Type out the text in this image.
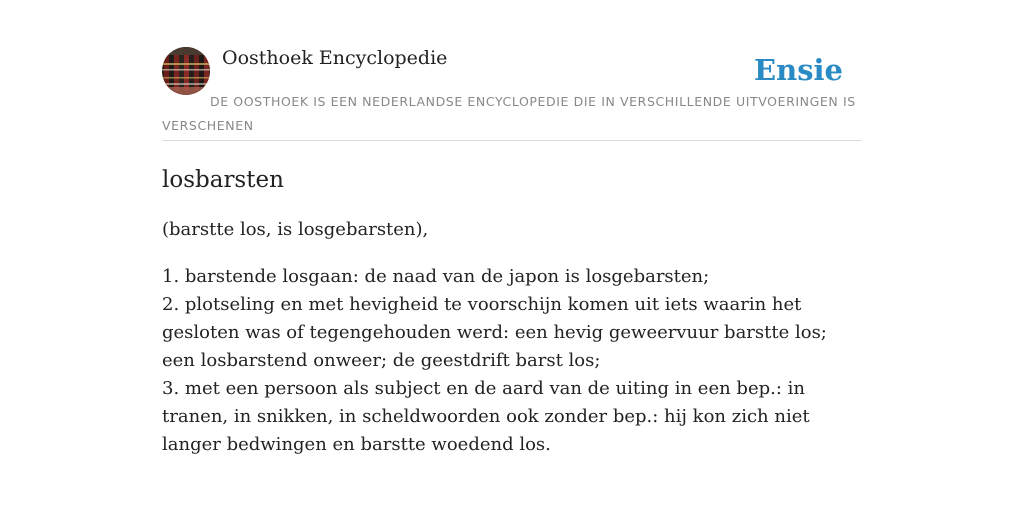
Oosthoek Encyclopedie	Ensie
DE OOSTHOEK IS EEN NEDERLANDSE ENCYCLOPEDIE DIE IN VERSCHILLENDE UITVOERINGEN IS VERSCHENEN
losbarsten

(barstte los, is losgebarsten),

1. barstende losgaan: de naad van de japon is losgebarsten;
2. plotseling en met hevigheid te voorschijn komen uit iets waarin het gesloten was of tegengehouden werd: een hevig geweervuur barstte los; een losbarstend onweer; de geestdrift barst los;
3. met een persoon als subject en de aard van de uiting in een bep.: in tranen, in snikken, in scheldwoorden ook zonder bep.: hij kon zich niet langer bedwingen en barstte woedend los.
